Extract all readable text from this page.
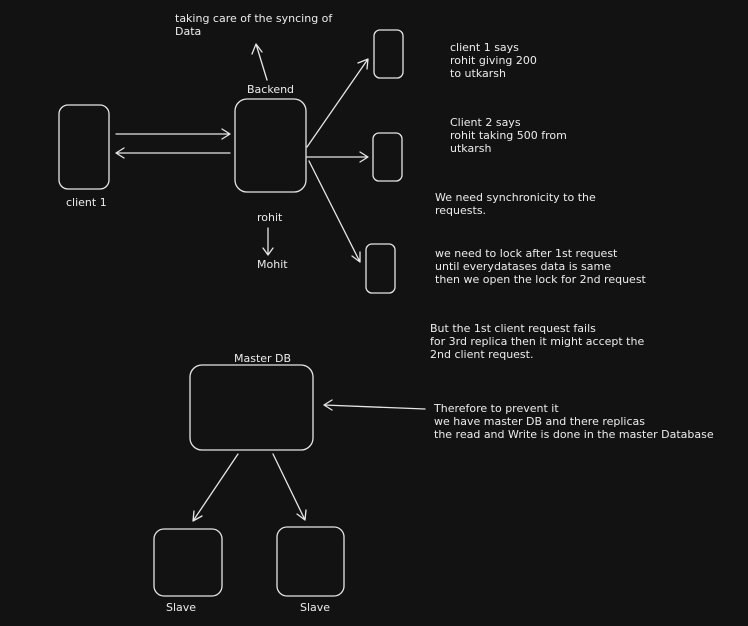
taking care of the syncing of
Data
Backend
client 1
rohit
Mohit
client 1 says
rohit giving 200
to utkarsh
Client 2 says
rohit taking 500 from
utkarsh
We need synchronicity to the
requests.
we need to lock after 1st request
until everydatases data is same
then we open the lock for 2nd request
But the 1st client request fails
for 3rd replica then it might accept the
2nd client request.
Master DB
Therefore to prevent it
we have master DB and there replicas
the read and Write is done in the master Database
Slave	Slave
